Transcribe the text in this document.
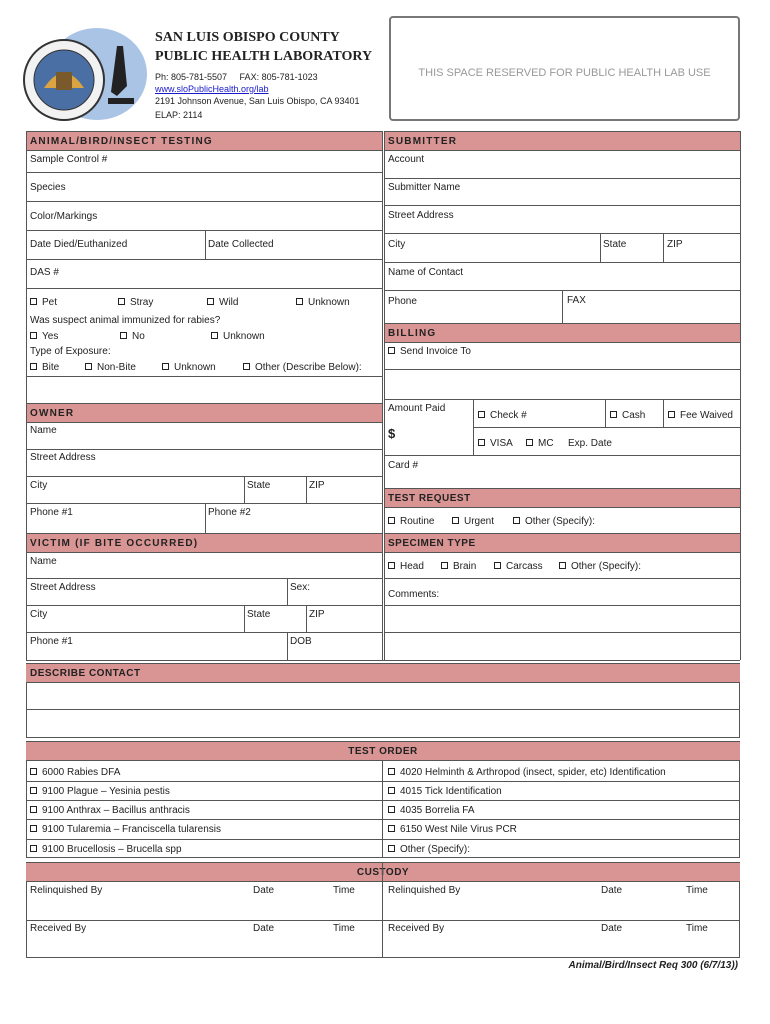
SAN LUIS OBISPO COUNTY
PUBLIC HEALTH LABORATORY
Ph: 805-781-5507     FAX: 805-781-1023
www.sloPublicHealth.org/lab
2191 Johnson Avenue, San Luis Obispo, CA 93401
ELAP: 2114
THIS SPACE RESERVED FOR PUBLIC HEALTH LAB USE
ANIMAL/BIRD/INSECT TESTING
Sample Control #
Species
Color/Markings
Date Died/Euthanized	Date Collected
DAS #
Pet	Stray	Wild	Unknown
Was suspect animal immunized for rabies?
Yes	No	Unknown
Type of Exposure:
Bite	Non-Bite	Unknown	Other (Describe Below):
OWNER
Name
Street Address
City	State	ZIP
Phone #1	Phone #2
VICTIM (IF BITE OCCURRED)
Name
Street Address	Sex:
City	State	ZIP
Phone #1	DOB
SUBMITTER
Account
Submitter Name
Street Address
City	State	ZIP
Name of Contact
Phone	FAX
BILLING
Send Invoice To
Amount Paid
$
Check #	Cash	Fee Waived
VISA	MC Exp. Date
Card #
TEST REQUEST
Routine	Urgent	Other (Specify):
SPECIMEN TYPE
Head	Brain	Carcass	Other (Specify):
Comments:
DESCRIBE CONTACT
TEST ORDER
6000 Rabies DFA
9100 Plague – Yesinia pestis
9100 Anthrax – Bacillus anthracis
9100 Tularemia – Franciscella tularensis
9100 Brucellosis – Brucella spp
4020 Helminth & Arthropod (insect, spider, etc) Identification
4015 Tick Identification
4035 Borrelia FA
6150 West Nile Virus PCR
Other (Specify):
CUSTODY
Relinquished By	Date	Time	Relinquished By	Date	Time
Received By	Date	Time	Received By	Date	Time
Animal/Bird/Insect Req 300 (6/7/13))
